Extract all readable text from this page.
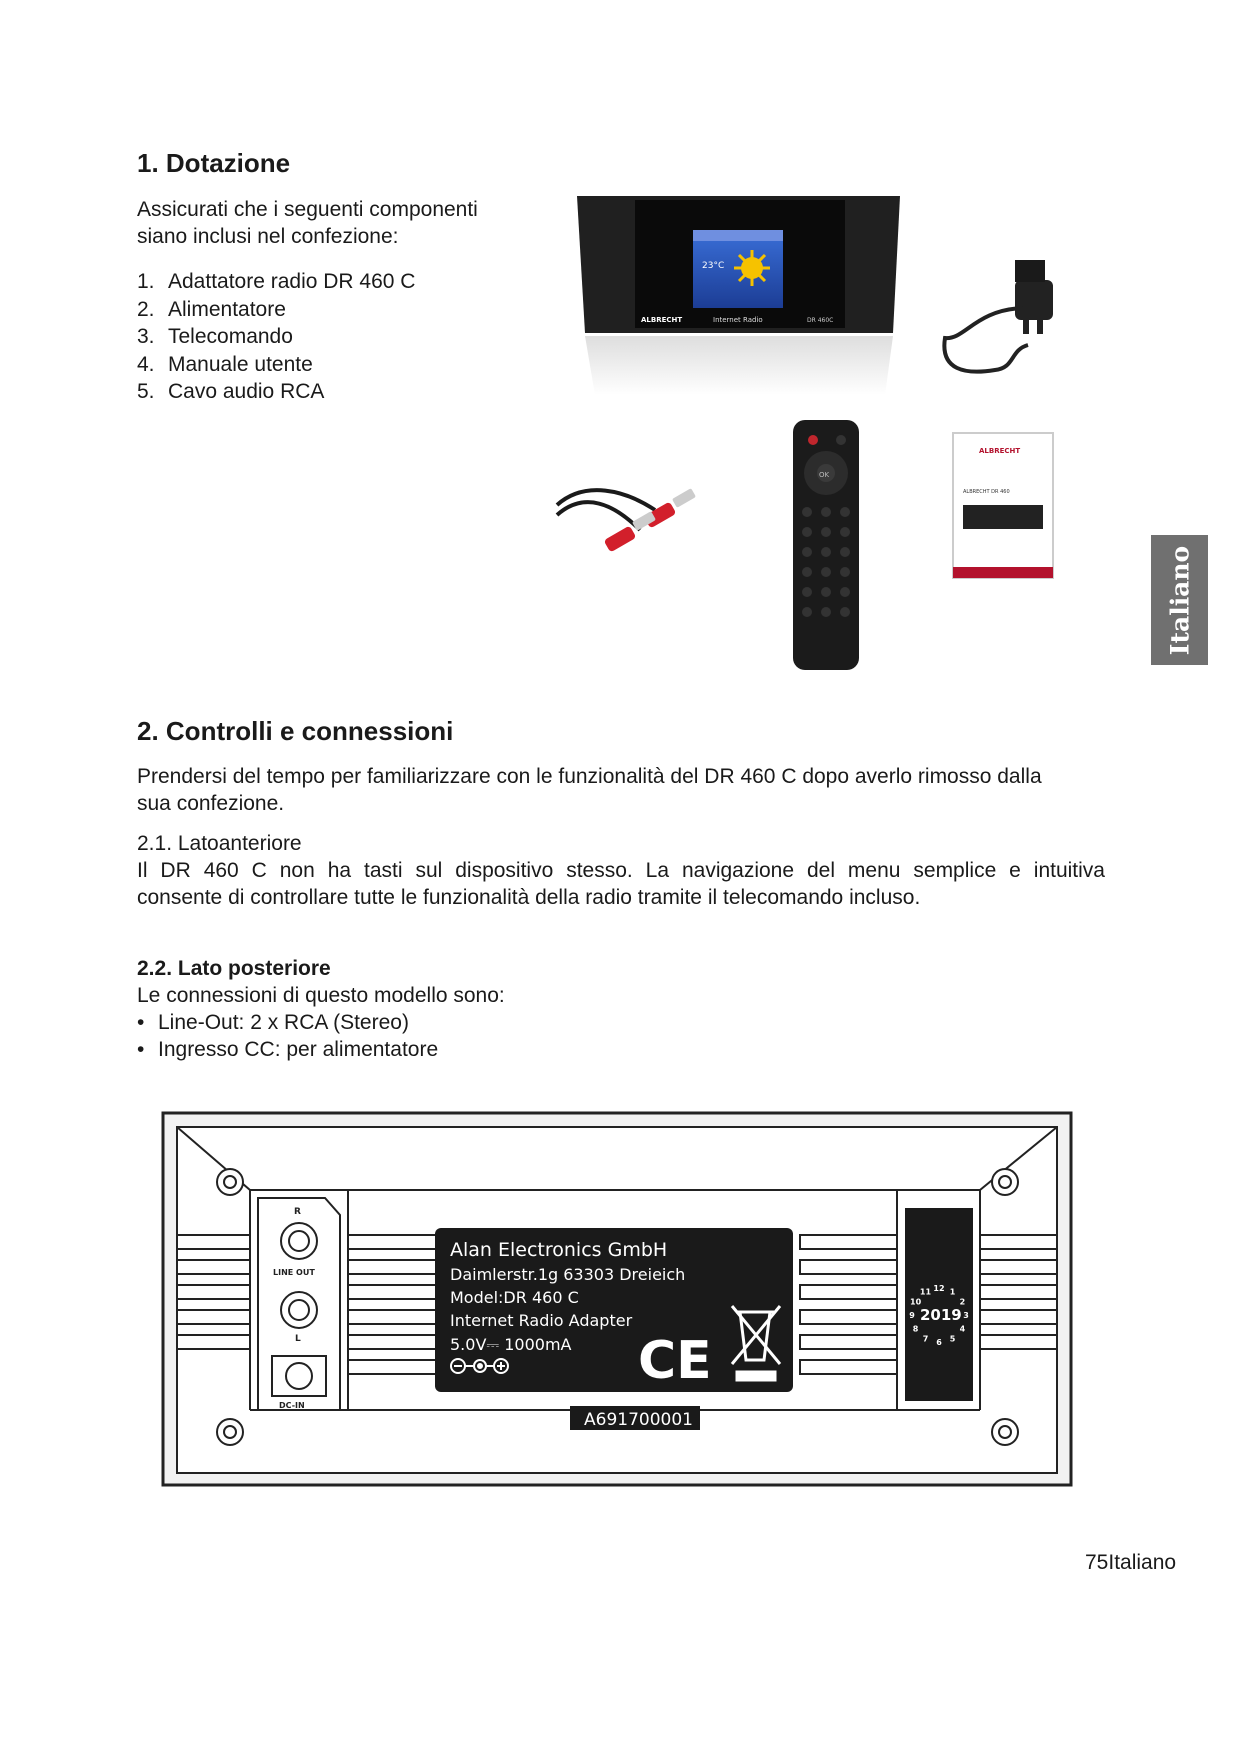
1. Dotazione

Assicurati che i seguenti componenti

siano inclusi nel confezione:

1. Adattatore radio DR 460 C
2. Alimentatore
3. Telecomando
4. Manuale utente
5. Cavo audio RCA
23°C
Internet Radio
ALBRECHT	DR 460C
OK
ALBRECHT
ALBRECHT DR 460
Italiano
2. Controlli e connessioni

Prendersi del tempo per familiarizzare con le funzionalità del DR 460 C dopo averlo rimosso dalla

sua confezione.

2.1. Latoanteriore

Il DR 460 C non ha tasti sul dispositivo stesso. La navigazione del menu semplice e intuitiva

consente di controllare tutte le funzionalità della radio tramite il telecomando incluso.

2.2. Lato posteriore

Le connessioni di questo modello sono:

• Line-Out: 2 x RCA (Stereo)
• Ingresso CC: per alimentatore
R
LINE OUT
L
DC-IN
Alan Electronics GmbH
Daimlerstr.1g 63303 Dreieich
Model:DR 460 C
Internet Radio Adapter
5.0V⎓ 1000mA CE
A691700001
12 1
2
3
4
5
6
7
8
9
10
11
2019
75Italiano
